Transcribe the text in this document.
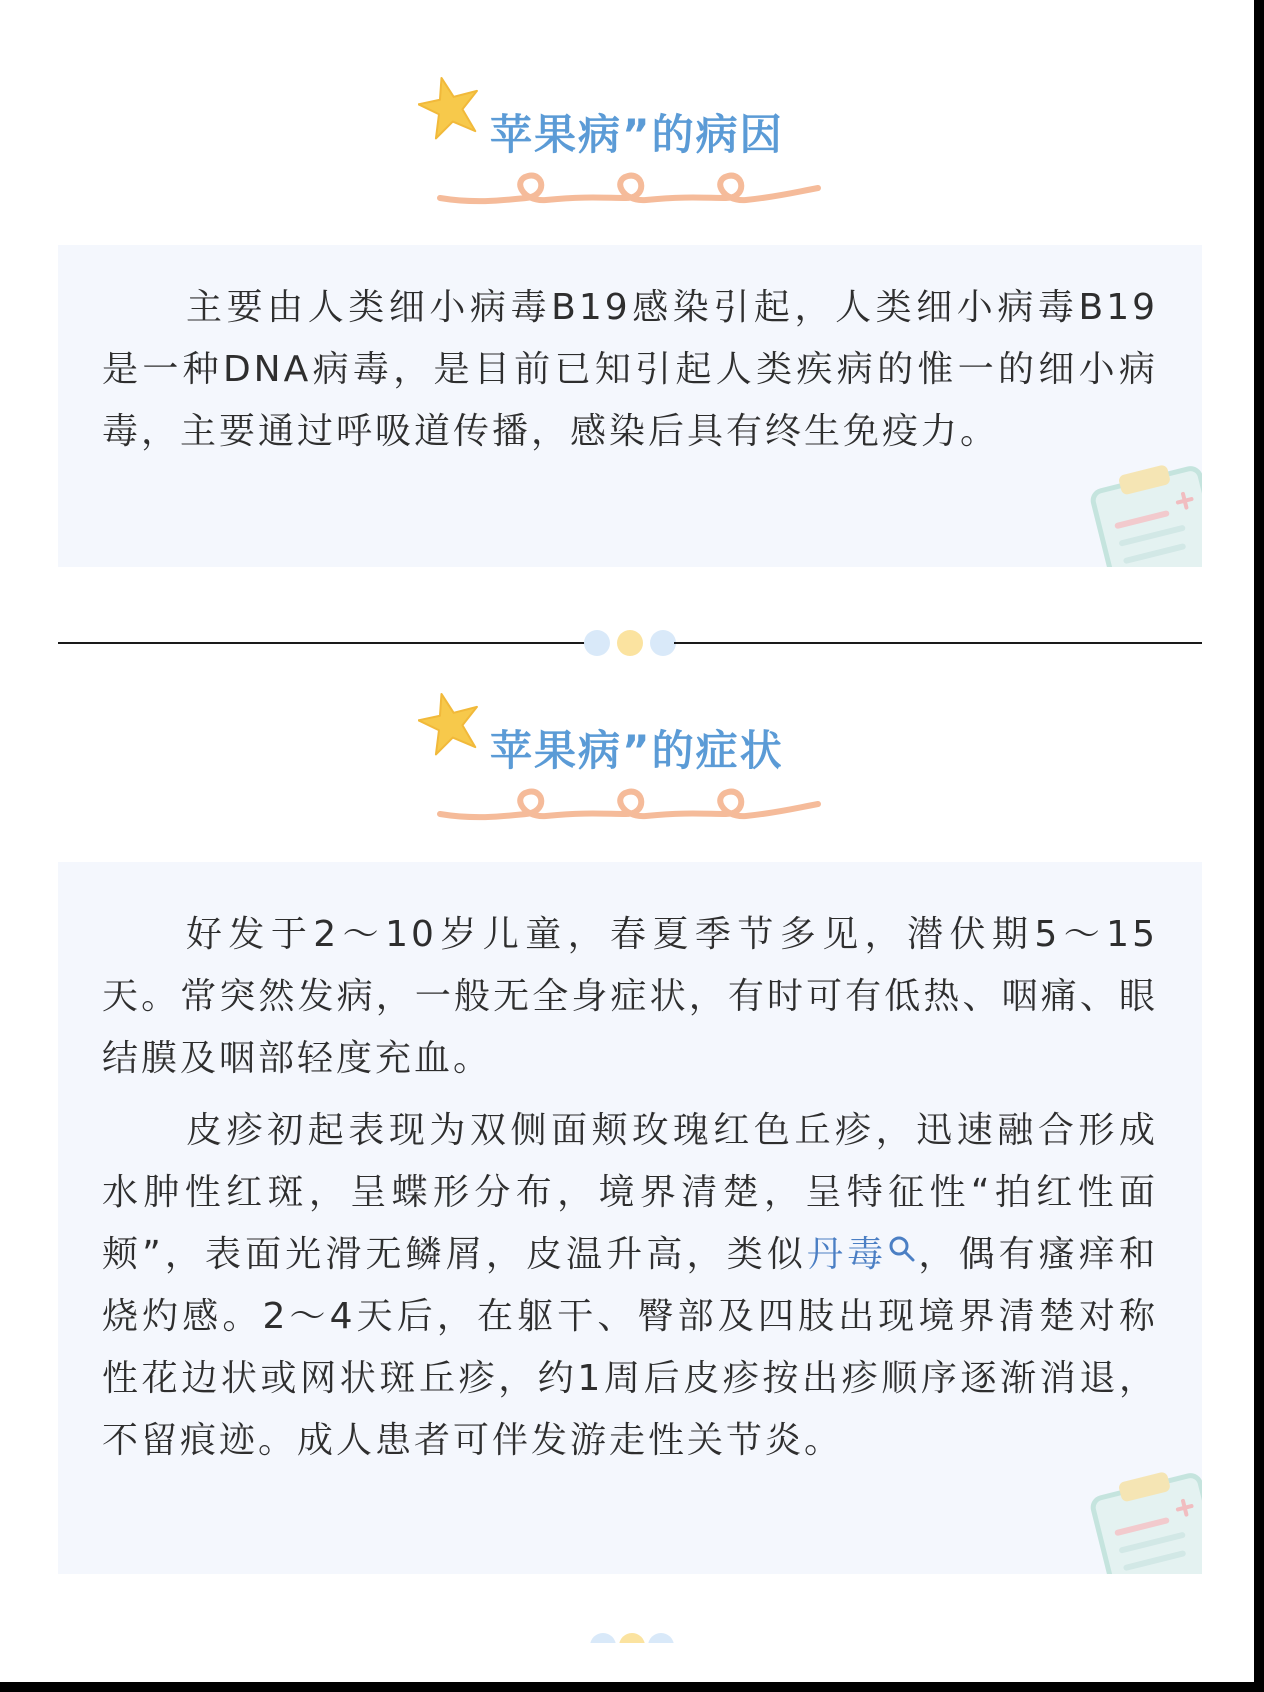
苹果病”的病因

主要由人类细小病毒B19感染引起，人类细小病毒B19是一种DNA病毒，是目前已知引起人类疾病的惟一的细小病毒，主要通过呼吸道传播，感染后具有终生免疫力。

苹果病”的症状

好发于2～10岁儿童，春夏季节多见，潜伏期5～15天。常突然发病，一般无全身症状，有时可有低热、咽痛、眼结膜及咽部轻度充血。

皮疹初起表现为双侧面颊玫瑰红色丘疹，迅速融合形成水肿性红斑，呈蝶形分布，境界清楚，呈特征性“拍红性面颊”，表面光滑无鳞屑，皮温升高，类似丹毒 ，偶有瘙痒和烧灼感。2～4天后，在躯干、臀部及四肢出现境界清楚对称性花边状或网状斑丘疹，约1周后皮疹按出疹顺序逐渐消退，不留痕迹。成人患者可伴发游走性关节炎。
